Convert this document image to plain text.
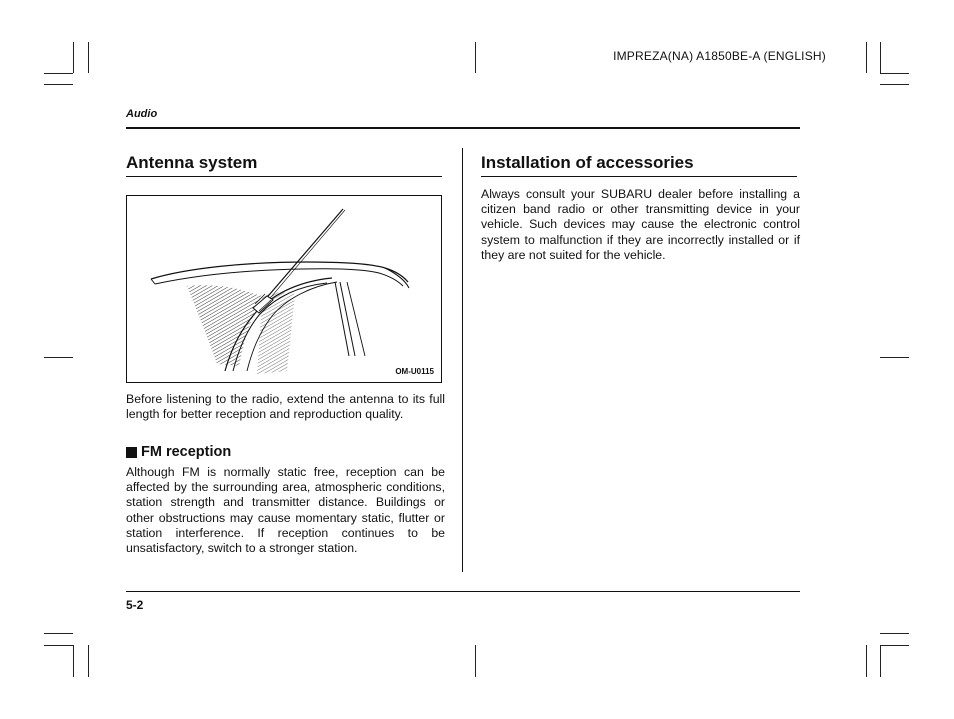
IMPREZA(NA) A1850BE-A (ENGLISH)
Audio
Antenna system
OM-U0115
Before listening to the radio, extend the antenna to its full length for better reception and reproduction quality.
FM reception
Although FM is normally static free, reception can be affected by the surrounding area, atmospheric conditions, station strength and transmitter distance. Buildings or other obstructions may cause momentary static, flutter or station interference. If reception continues to be unsatisfactory, switch to a stronger station.
Installation of accessories
Always consult your SUBARU dealer before installing a citizen band radio or other transmitting device in your vehicle. Such devices may cause the electronic control system to malfunction if they are incorrectly installed or if they are not suited for the vehicle.
5-2
